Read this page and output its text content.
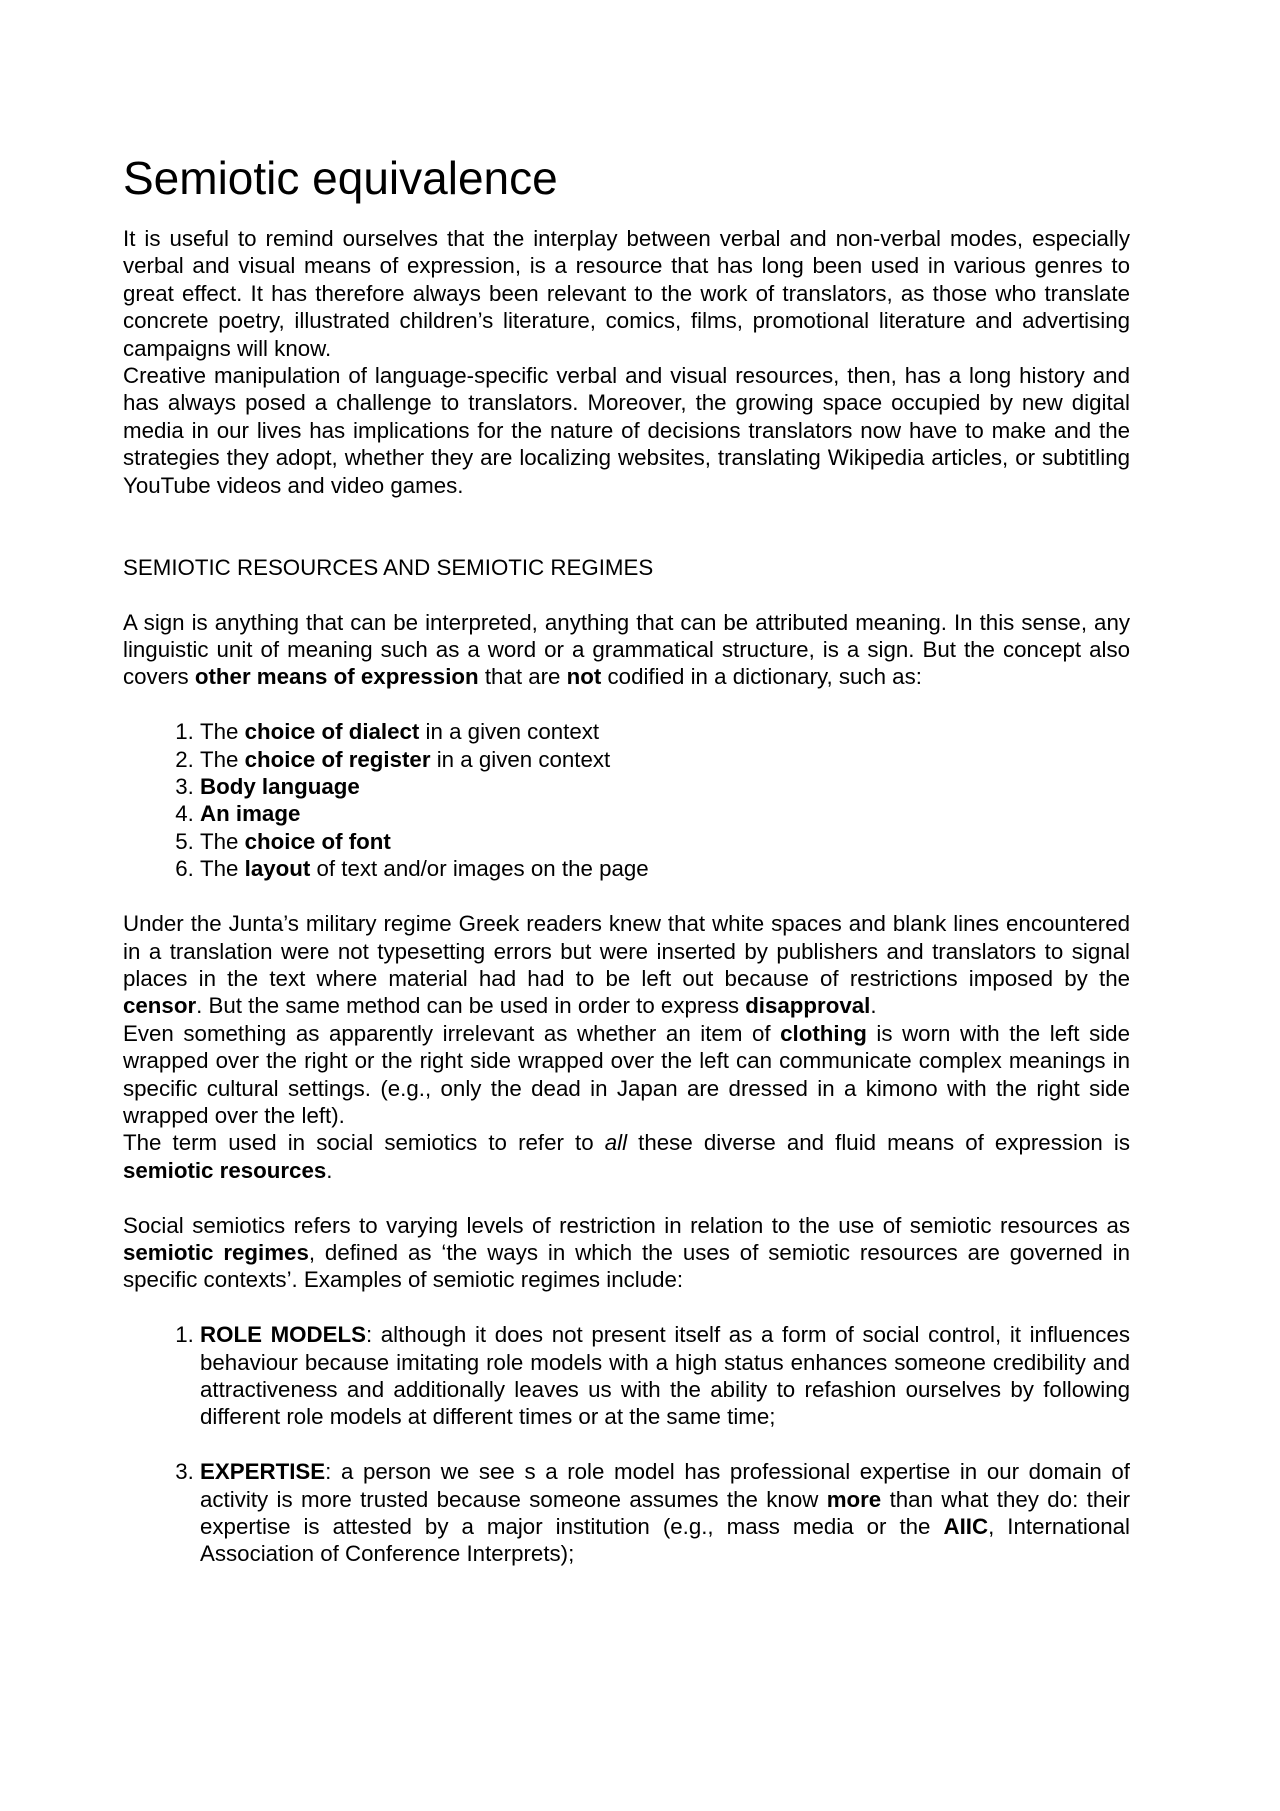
Semiotic equivalence

It is useful to remind ourselves that the interplay between verbal and non-verbal modes, especially verbal and visual means of expression, is a resource that has long been used in various genres to great effect. It has therefore always been relevant to the work of translators, as those who translate concrete poetry, illustrated children’s literature, comics, films, promotional literature and advertising campaigns will know.

Creative manipulation of language-specific verbal and visual resources, then, has a long history and has always posed a challenge to translators. Moreover, the growing space occupied by new digital media in our lives has implications for the nature of decisions translators now have to make and the strategies they adopt, whether they are localizing websites, translating Wikipedia articles, or subtitling YouTube videos and video games.

SEMIOTIC RESOURCES AND SEMIOTIC REGIMES

A sign is anything that can be interpreted, anything that can be attributed meaning. In this sense, any linguistic unit of meaning such as a word or a grammatical structure, is a sign. But the concept also covers other means of expression that are not codified in a dictionary, such as:

1. The choice of dialect in a given context
2. The choice of register in a given context
3. Body language
4. An image
5. The choice of font
6. The layout of text and/or images on the page

Under the Junta’s military regime Greek readers knew that white spaces and blank lines encountered in a translation were not typesetting errors but were inserted by publishers and translators to signal places in the text where material had had to be left out because of restrictions imposed by the censor. But the same method can be used in order to express disapproval.

Even something as apparently irrelevant as whether an item of clothing is worn with the left side wrapped over the right or the right side wrapped over the left can communicate complex meanings in specific cultural settings. (e.g., only the dead in Japan are dressed in a kimono with the right side wrapped over the left).

The term used in social semiotics to refer to all these diverse and fluid means of expression is semiotic resources.

Social semiotics refers to varying levels of restriction in relation to the use of semiotic resources as semiotic regimes, defined as ‘the ways in which the uses of semiotic resources are governed in specific contexts’. Examples of semiotic regimes include:

1. ROLE MODELS: although it does not present itself as a form of social control, it influences behaviour because imitating role models with a high status enhances someone credibility and attractiveness and additionally leaves us with the ability to refashion ourselves by following different role models at different times or at the same time;
3. EXPERTISE: a person we see s a role model has professional expertise in our domain of activity is more trusted because someone assumes the know more than what they do: their expertise is attested by a major institution (e.g., mass media or the AIIC, International Association of Conference Interprets);
